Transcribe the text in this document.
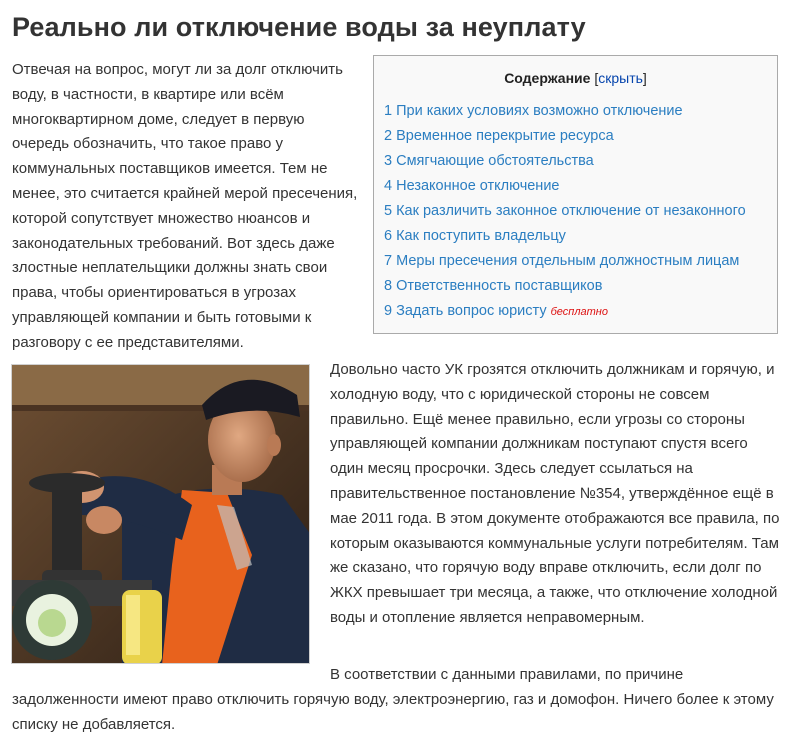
Реально ли отключение воды за неуплату

Отвечая на вопрос, могут ли за долг отключить воду, в частности, в квартире или всём многоквартирном доме, следует в первую очередь обозначить, что такое право у коммунальных поставщиков имеется. Тем не менее, это считается крайней мерой пресечения, которой сопутствует множество нюансов и законодательных требований. Вот здесь даже злостные неплательщики должны знать свои права, чтобы ориентироваться в угрозах управляющей компании и быть готовыми к разговору с ее представителями.

Содержание [скрыть]
1 При каких условиях возможно отключение
2 Временное перекрытие ресурса
3 Смягчающие обстоятельства
4 Незаконное отключение
5 Как различить законное отключение от незаконного
6 Как поступить владельцу
7 Меры пресечения отдельным должностным лицам
8 Ответственность поставщиков
9 Задать вопрос юристу бесплатно

Довольно часто УК грозятся отключить должникам и горячую, и холодную воду, что с юридической стороны не совсем правильно. Ещё менее правильно, если угрозы со стороны управляющей компании должникам поступают спустя всего один месяц просрочки. Здесь следует ссылаться на правительственное постановление №354, утверждённое ещё в мае 2011 года. В этом документе отображаются все правила, по которым оказываются коммунальные услуги потребителям. Там же сказано, что горячую воду вправе отключить, если долг по ЖКХ превышает три месяца, а также, что отключение холодной воды и отопление является неправомерным.

В соответствии с данными правилами, по причине

задолженности имеют право отключить горячую воду, электроэнергию, газ и домофон. Ничего более к этому списку не добавляется.
